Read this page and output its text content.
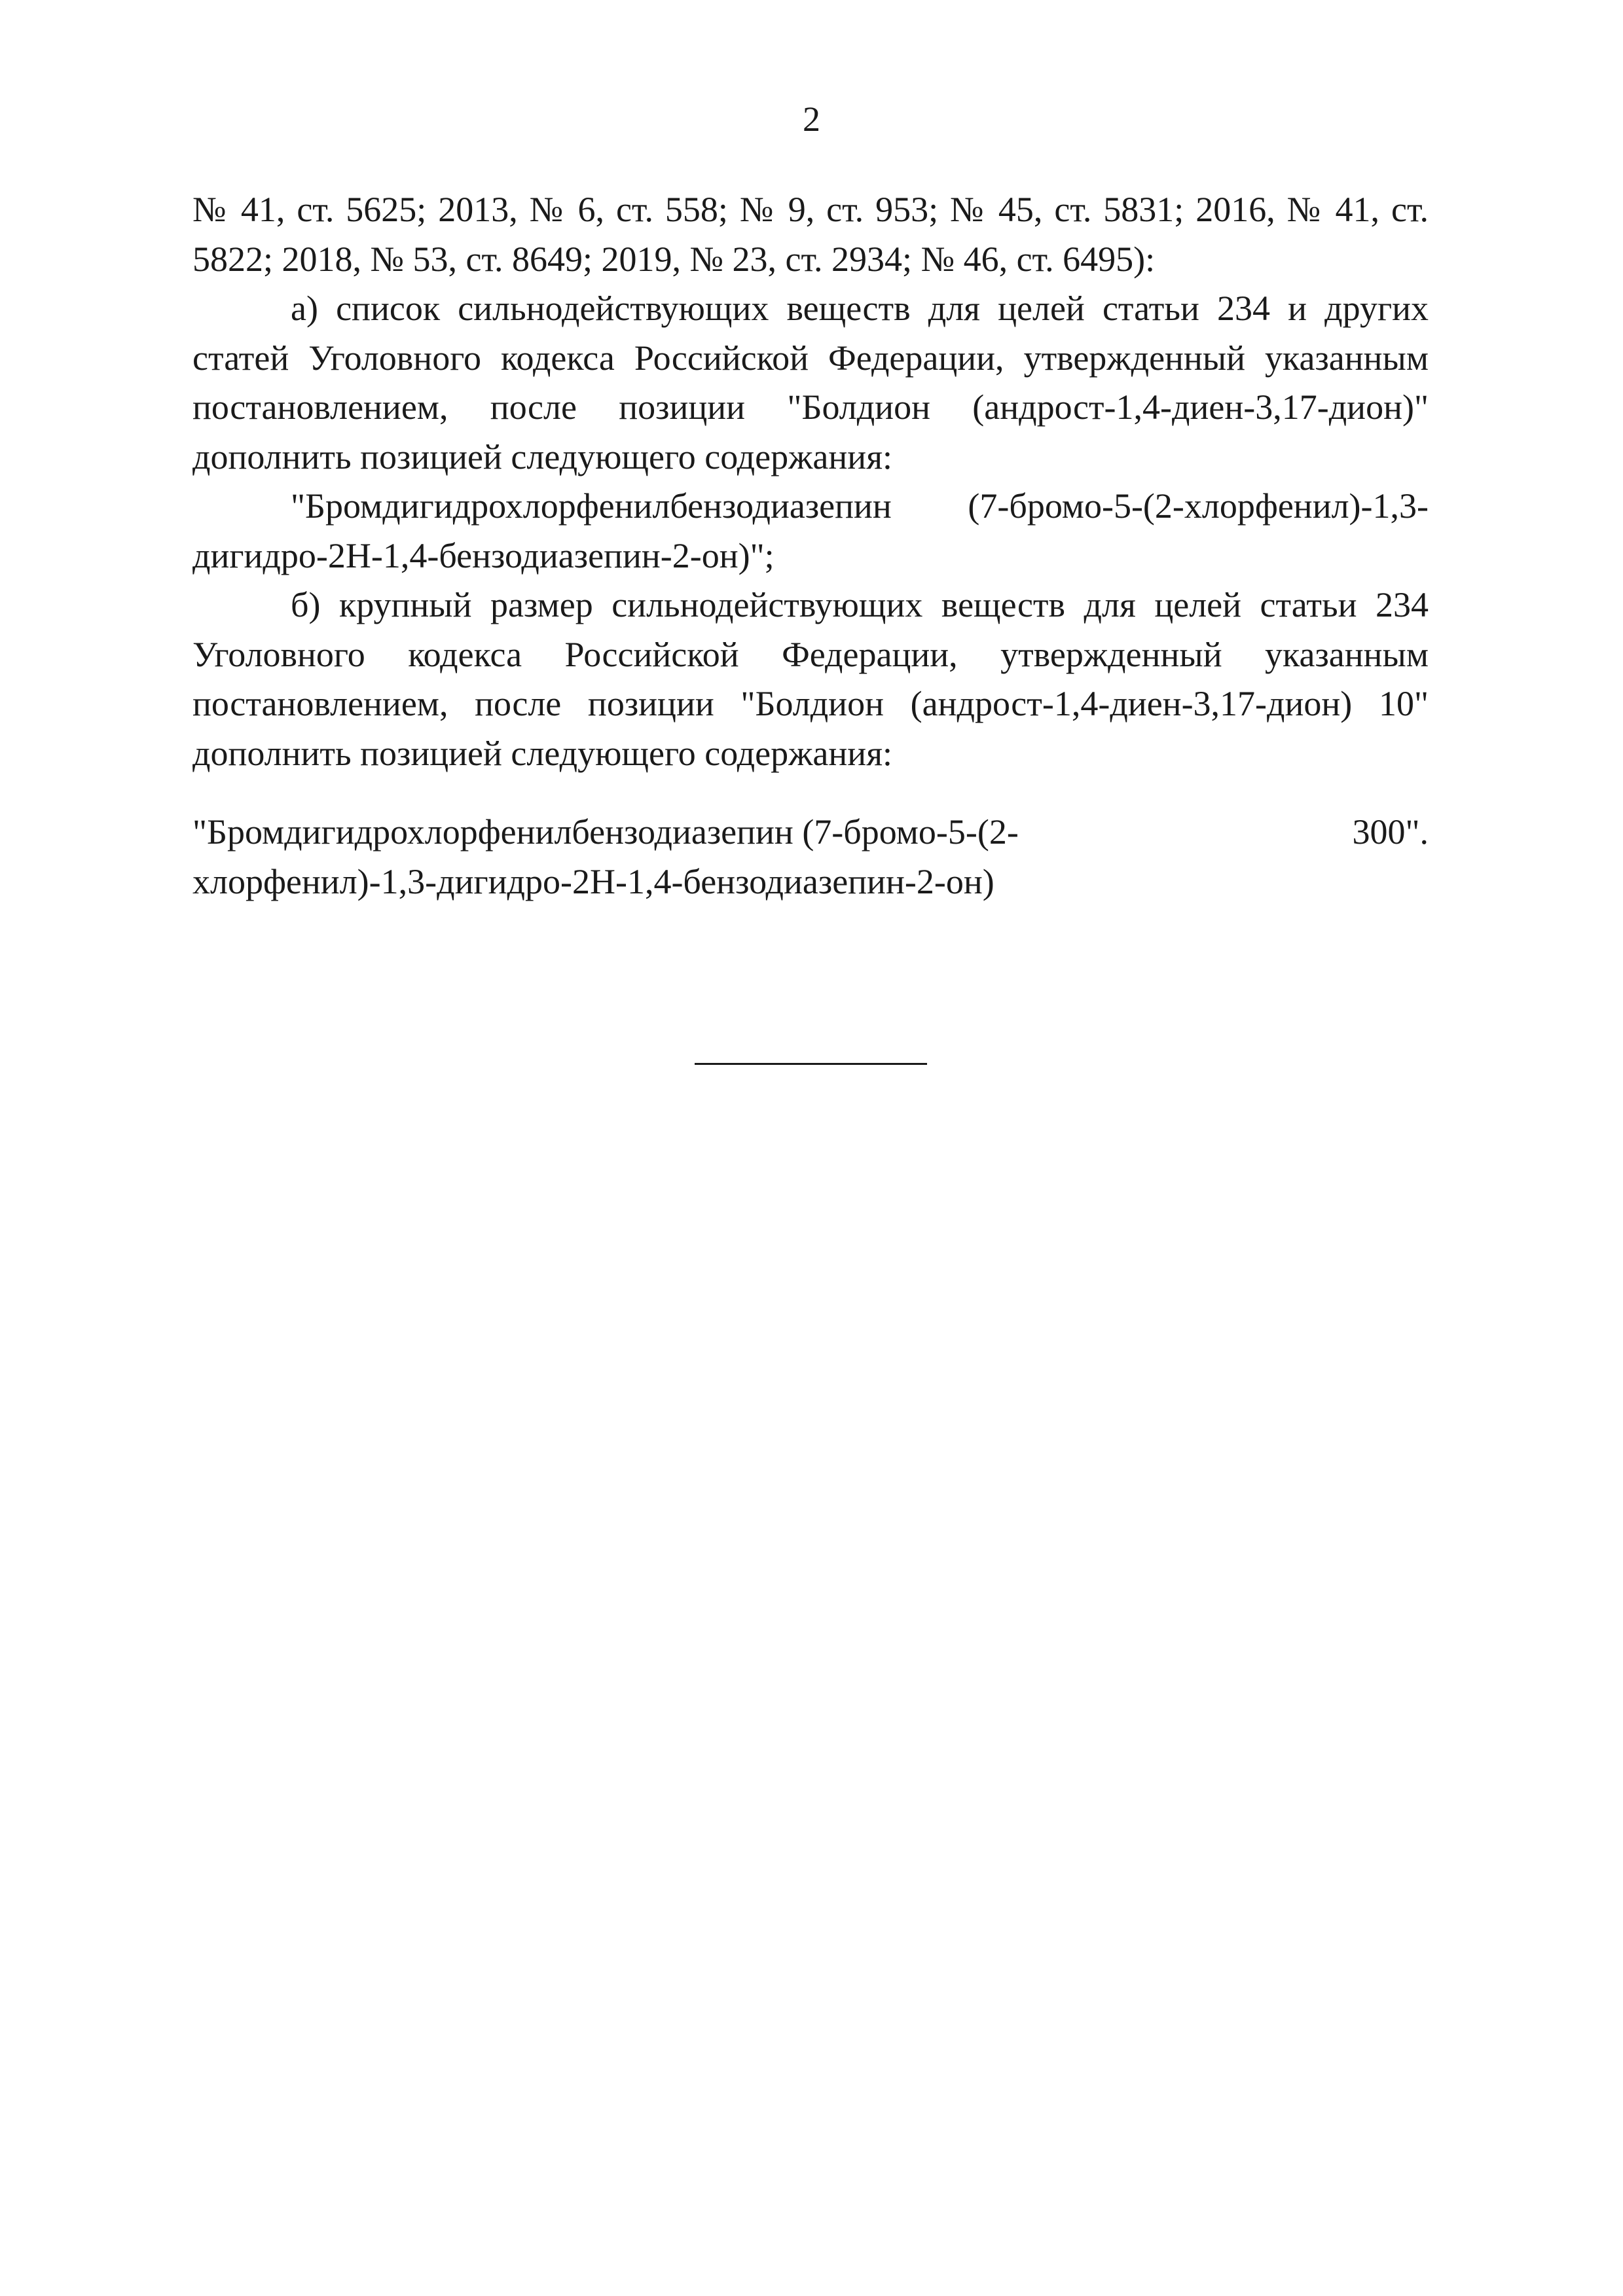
2

№ 41, ст. 5625; 2013, № 6, ст. 558; № 9, ст. 953; № 45, ст. 5831; 2016, № 41, ст. 5822; 2018, № 53, ст. 8649; 2019, № 23, ст. 2934; № 46, ст. 6495):

а) список сильнодействующих веществ для целей статьи 234 и других статей Уголовного кодекса Российской Федерации, утвержденный указанным постановлением, после позиции "Болдион (андрост-1,4-диен-3,17-дион)" дополнить позицией следующего содержания:

"Бромдигидрохлорфенилбензодиазепин (7-бромо-5-(2-хлорфенил)-1,3-дигидро-2Н-1,4-бензодиазепин-2-он)";

б) крупный размер сильнодействующих веществ для целей статьи 234 Уголовного кодекса Российской Федерации, утвержденный указанным постановлением, после позиции "Болдион (андрост-1,4-диен-3,17-дион) 10" дополнить позицией следующего содержания:

"Бромдигидрохлорфенилбензодиазепин (7-бромо-5-(2-хлорфенил)-1,3-дигидро-2Н-1,4-бензодиазепин-2-он)
300".
